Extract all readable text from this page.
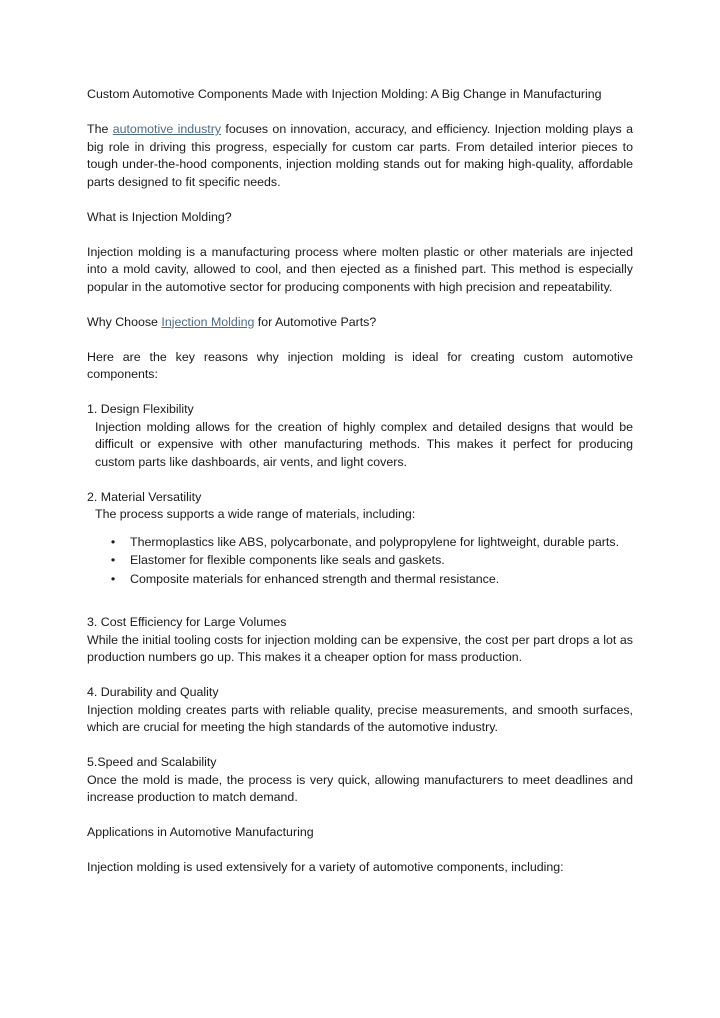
Custom Automotive Components Made with Injection Molding: A Big Change in Manufacturing

The automotive industry focuses on innovation, accuracy, and efficiency. Injection molding plays a big role in driving this progress, especially for custom car parts. From detailed interior pieces to tough under-the-hood components, injection molding stands out for making high-quality, affordable parts designed to fit specific needs.

What is Injection Molding?

Injection molding is a manufacturing process where molten plastic or other materials are injected into a mold cavity, allowed to cool, and then ejected as a finished part. This method is especially popular in the automotive sector for producing components with high precision and repeatability.

Why Choose Injection Molding for Automotive Parts?

Here are the key reasons why injection molding is ideal for creating custom automotive components:

1. Design Flexibility

Injection molding allows for the creation of highly complex and detailed designs that would be difficult or expensive with other manufacturing methods. This makes it perfect for producing custom parts like dashboards, air vents, and light covers.

2. Material Versatility

The process supports a wide range of materials, including:

• Thermoplastics like ABS, polycarbonate, and polypropylene for lightweight, durable parts.
• Elastomer for flexible components like seals and gaskets.
• Composite materials for enhanced strength and thermal resistance.

3. Cost Efficiency for Large Volumes

While the initial tooling costs for injection molding can be expensive, the cost per part drops a lot as production numbers go up. This makes it a cheaper option for mass production.

4. Durability and Quality

Injection molding creates parts with reliable quality, precise measurements, and smooth surfaces, which are crucial for meeting the high standards of the automotive industry.

5.Speed and Scalability

Once the mold is made, the process is very quick, allowing manufacturers to meet deadlines and increase production to match demand.

Applications in Automotive Manufacturing

Injection molding is used extensively for a variety of automotive components, including:
